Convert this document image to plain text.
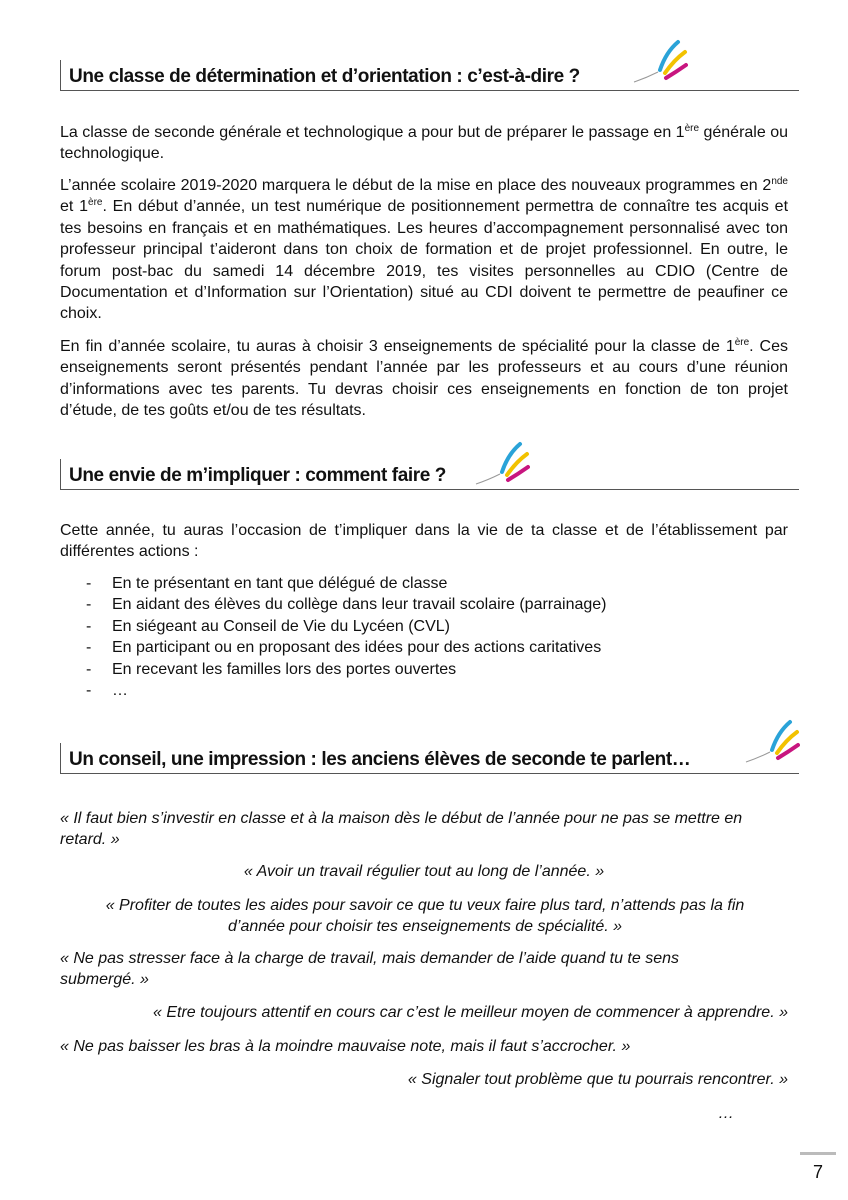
Une classe de détermination et d’orientation : c’est-à-dire ?

La classe de seconde générale et technologique a pour but de préparer le passage en 1ère générale ou technologique.

L’année scolaire 2019-2020 marquera le début de la mise en place des nouveaux programmes en 2nde et 1ère. En début d’année, un test numérique de positionnement permettra de connaître tes acquis et tes besoins en français et en mathématiques. Les heures d’accompagnement personnalisé avec ton professeur principal t’aideront dans ton choix de formation et de projet professionnel. En outre, le forum post-bac du samedi 14 décembre 2019, tes visites personnelles au CDIO (Centre de Documentation et d’Information sur l’Orientation) situé au CDI doivent te permettre de peaufiner ce choix.

En fin d’année scolaire, tu auras à choisir 3 enseignements de spécialité pour la classe de 1ère. Ces enseignements seront présentés pendant l’année par les professeurs et au cours d’une réunion d’informations avec tes parents. Tu devras choisir ces enseignements en fonction de ton projet d’étude, de tes goûts et/ou de tes résultats.

Une envie de m’impliquer : comment faire ?

Cette année, tu auras l’occasion de t’impliquer dans la vie de ta classe et de l’établissement par différentes actions :

- En te présentant en tant que délégué de classe
- En aidant des élèves du collège dans leur travail scolaire (parrainage)
- En siégeant au Conseil de Vie du Lycéen (CVL)
- En participant ou en proposant des idées pour des actions caritatives
- En recevant les familles lors des portes ouvertes
- …
Un conseil, une impression : les anciens élèves de seconde te parlent…

« Il faut bien s’investir en classe et à la maison dès le début de l’année pour ne pas se mettre en retard. »

« Avoir un travail régulier tout au long de l’année. »

« Profiter de toutes les aides pour savoir ce que tu veux faire plus tard, n’attends pas la fin d’année pour choisir tes enseignements de spécialité. »

« Ne pas stresser face à la charge de travail, mais demander de l’aide quand tu te sens submergé. »

« Etre toujours attentif en cours car c’est le meilleur moyen de commencer à apprendre. »

« Ne pas baisser les bras à la moindre mauvaise note, mais il faut s’accrocher. »

« Signaler tout problème que tu pourrais rencontrer. »

…

7
